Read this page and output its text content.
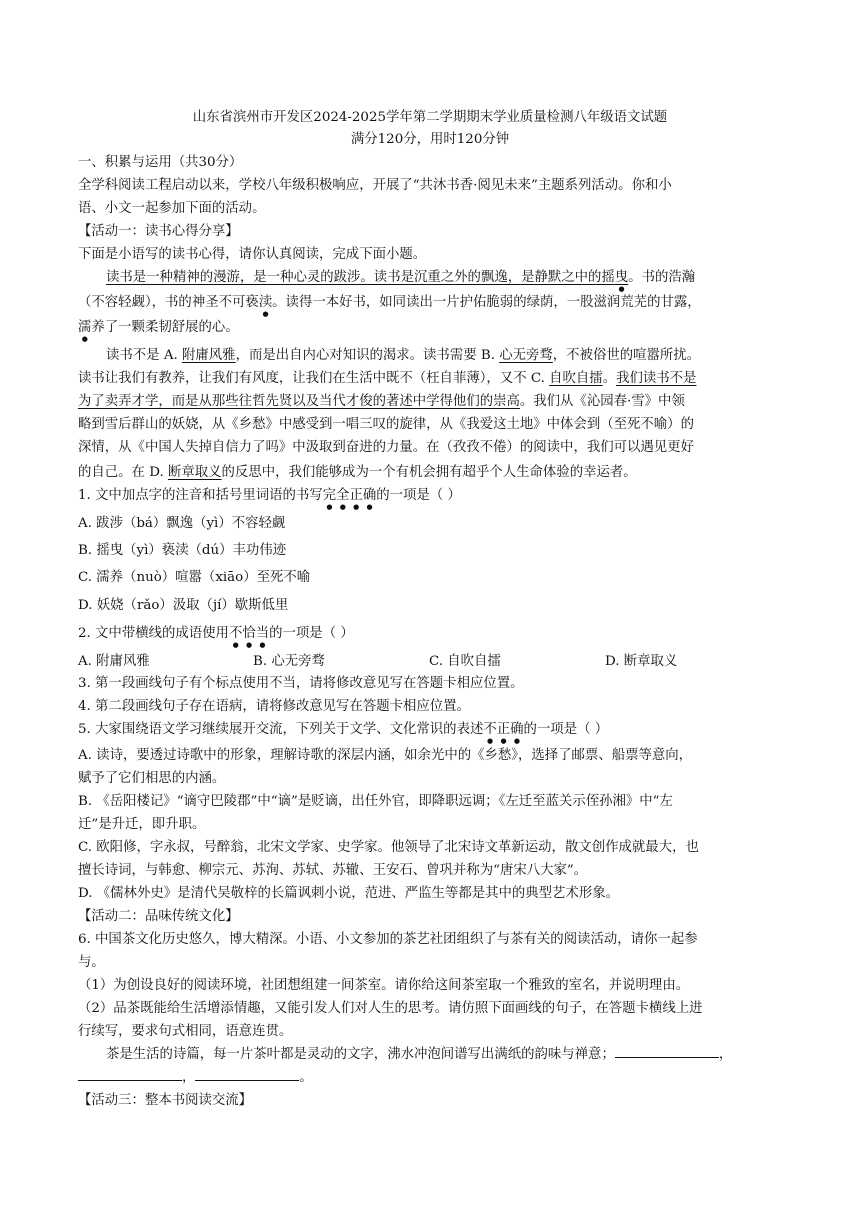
山东省滨州市开发区2024-2025学年第二学期期末学业质量检测八年级语文试题
满分120分，用时120分钟
一、积累与运用（共30分）
全学科阅读工程启动以来，学校八年级积极响应，开展了“共沐书香·阅见未来”主题系列活动。你和小
语、小文一起参加下面的活动。
【活动一：读书心得分享】
下面是小语写的读书心得，请你认真阅读，完成下面小题。
读书是一种精神的漫游，是一种心灵的跋涉。读书是沉重之外的飘逸，是静默之中的摇曳。书的浩瀚
（不容轻觑），书的神圣不可亵渎。读得一本好书，如同读出一片护佑脆弱的绿荫，一股滋润荒芜的甘露，
濡养了一颗柔韧舒展的心。
读书不是 A. 附庸风雅，而是出自内心对知识的渴求。读书需要 B. 心无旁骛，不被俗世的喧嚣所扰。
读书让我们有教养，让我们有风度，让我们在生活中既不（枉自菲薄），又不 C. 自吹自擂。我们读书不是
为了卖弄才学，而是从那些往哲先贤以及当代才俊的著述中学得他们的崇高。我们从《沁园春·雪》中领
略到雪后群山的妖娆，从《乡愁》中感受到一唱三叹的旋律，从《我爱这土地》中体会到（至死不喻）的
深情，从《中国人失掉自信力了吗》中汲取到奋进的力量。在（孜孜不倦）的阅读中，我们可以遇见更好
的自己。在 D. 断章取义的反思中，我们能够成为一个有机会拥有超乎个人生命体验的幸运者。
1. 文中加点字的注音和括号里词语的书写完全正确的一项是（ ）
A. 跋涉（bá）飘逸（yì）不容轻觑
B. 摇曳（yì）亵渎（dú）丰功伟迹
C. 濡养（nuò）喧嚣（xiāo）至死不喻
D. 妖娆（rǎo）汲取（jí）歇斯低里
2. 文中带横线的成语使用不恰当的一项是（ ）
A. 附庸风雅	B. 心无旁骛	C. 自吹自擂	D. 断章取义
3. 第一段画线句子有个标点使用不当，请将修改意见写在答题卡相应位置。
4. 第二段画线句子存在语病，请将修改意见写在答题卡相应位置。
5. 大家围绕语文学习继续展开交流，下列关于文学、文化常识的表述不正确的一项是（ ）
A. 读诗，要透过诗歌中的形象，理解诗歌的深层内涵，如余光中的《乡愁》，选择了邮票、船票等意向，
赋予了它们相思的内涵。
B. 《岳阳楼记》“谪守巴陵郡”中“谪”是贬谪，出任外官，即降职远调；《左迁至蓝关示侄孙湘》中“左
迁”是升迁，即升职。
C. 欧阳修，字永叔，号醉翁，北宋文学家、史学家。他领导了北宋诗文革新运动，散文创作成就最大，也
擅长诗词，与韩愈、柳宗元、苏洵、苏轼、苏辙、王安石、曾巩并称为“唐宋八大家”。
D. 《儒林外史》是清代吴敬梓的长篇讽刺小说，范进、严监生等都是其中的典型艺术形象。
【活动二：品味传统文化】
6. 中国茶文化历史悠久，博大精深。小语、小文参加的茶艺社团组织了与茶有关的阅读活动，请你一起参
与。
（1）为创设良好的阅读环境，社团想组建一间茶室。请你给这间茶室取一个雅致的室名，并说明理由。
（2）品茶既能给生活增添情趣，又能引发人们对人生的思考。请仿照下面画线的句子，在答题卡横线上进
行续写，要求句式相同，语意连贯。
茶是生活的诗篇，每一片茶叶都是灵动的文字，沸水冲泡间谱写出满纸的韵味与禅意；	，
，	。
【活动三：整本书阅读交流】
